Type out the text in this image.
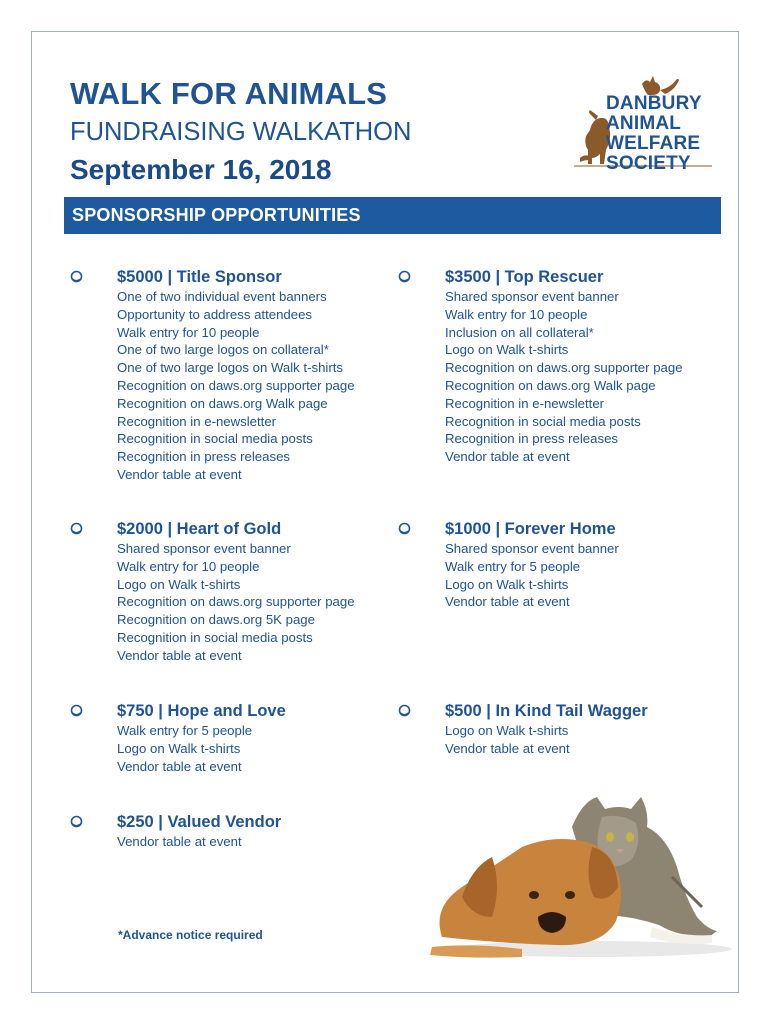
WALK FOR ANIMALS
FUNDRAISING WALKATHON
September 16, 2018
DANBURY
ANIMAL
WELFARE
SOCIETY
SPONSORSHIP OPPORTUNITIES
$5000 | Title Sponsor
One of two individual event banners
Opportunity to address attendees
Walk entry for 10 people
One of two large logos on collateral*
One of two large logos on Walk t-shirts
Recognition on daws.org supporter page
Recognition on daws.org Walk page
Recognition in e-newsletter
Recognition in social media posts
Recognition in press releases
Vendor table at event
$3500 | Top Rescuer
Shared sponsor event banner
Walk entry for 10 people
Inclusion on all collateral*
Logo on Walk t-shirts
Recognition on daws.org supporter page
Recognition on daws.org Walk page
Recognition in e-newsletter
Recognition in social media posts
Recognition in press releases
Vendor table at event
$2000 | Heart of Gold
Shared sponsor event banner
Walk entry for 10 people
Logo on Walk t-shirts
Recognition on daws.org supporter page
Recognition on daws.org 5K page
Recognition in social media posts
Vendor table at event
$1000 | Forever Home
Shared sponsor event banner
Walk entry for 5 people
Logo on Walk t-shirts
Vendor table at event
$750 | Hope and Love
Walk entry for 5 people
Logo on Walk t-shirts
Vendor table at event
$500 | In Kind Tail Wagger
Logo on Walk t-shirts
Vendor table at event
$250 | Valued Vendor
Vendor table at event
*Advance notice required
